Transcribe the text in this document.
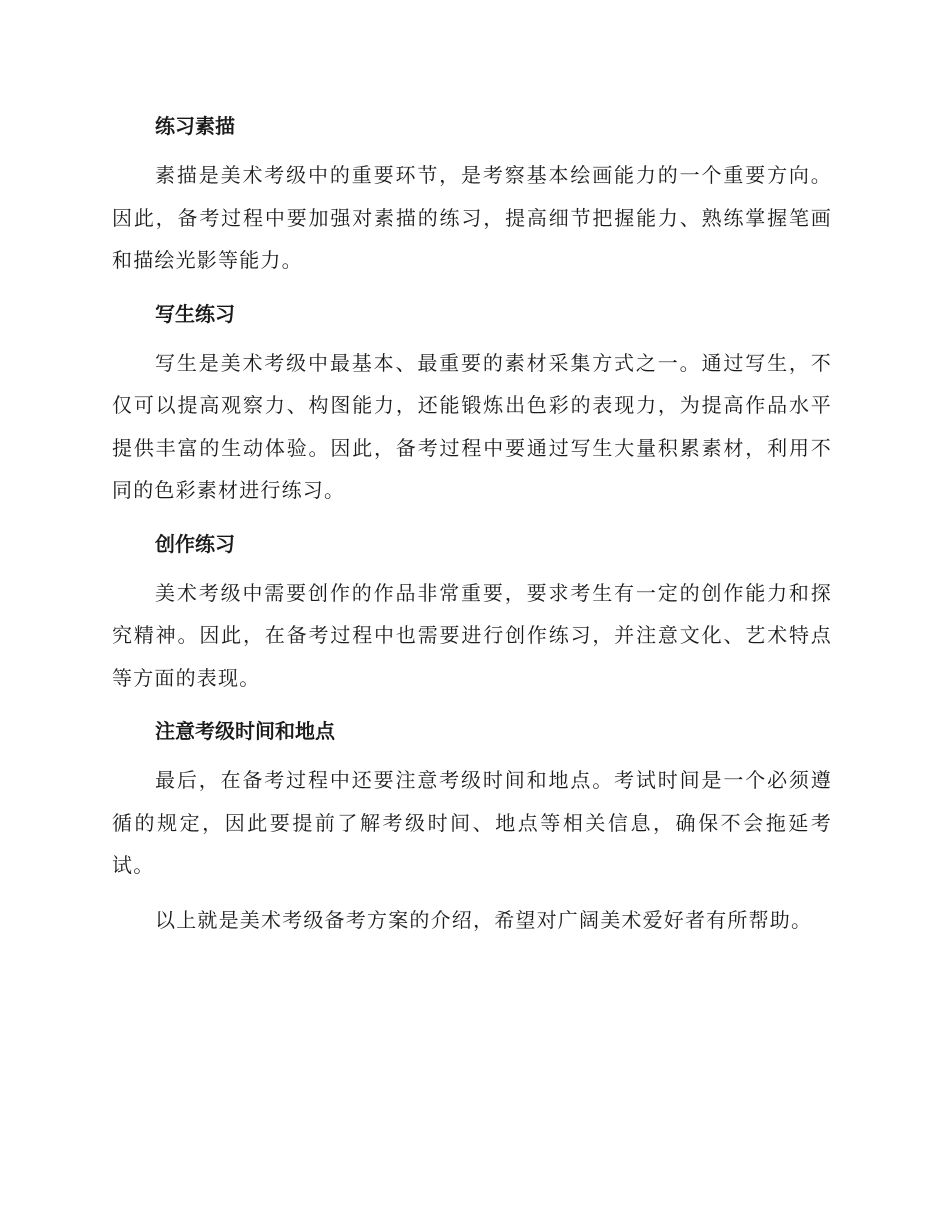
练习素描

素描是美术考级中的重要环节，是考察基本绘画能力的一个重要方向。因此，备考过程中要加强对素描的练习，提高细节把握能力、熟练掌握笔画和描绘光影等能力。

写生练习

写生是美术考级中最基本、最重要的素材采集方式之一。通过写生，不仅可以提高观察力、构图能力，还能锻炼出色彩的表现力，为提高作品水平提供丰富的生动体验。因此，备考过程中要通过写生大量积累素材，利用不同的色彩素材进行练习。

创作练习

美术考级中需要创作的作品非常重要，要求考生有一定的创作能力和探究精神。因此，在备考过程中也需要进行创作练习，并注意文化、艺术特点等方面的表现。

注意考级时间和地点

最后，在备考过程中还要注意考级时间和地点。考试时间是一个必须遵循的规定，因此要提前了解考级时间、地点等相关信息，确保不会拖延考试。

以上就是美术考级备考方案的介绍，希望对广阔美术爱好者有所帮助。
